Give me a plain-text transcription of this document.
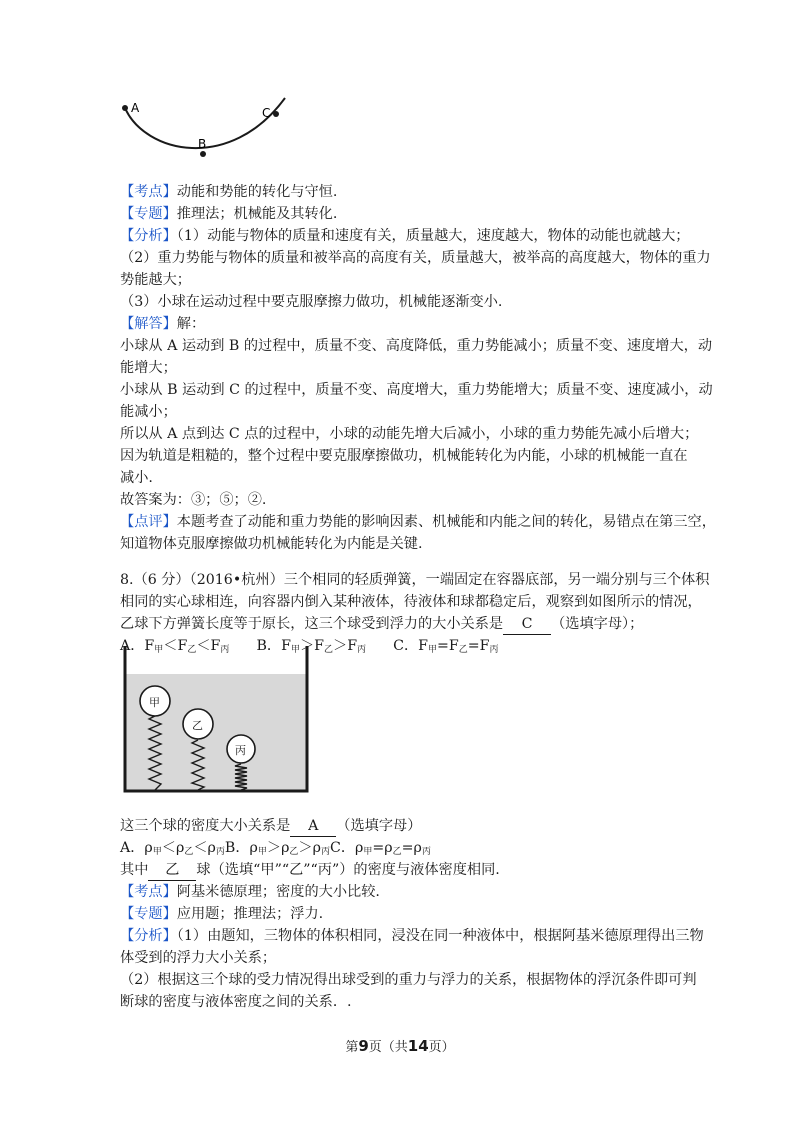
A
B
C
【考点】动能和势能的转化与守恒.
【专题】推理法；机械能及其转化.
【分析】（1）动能与物体的质量和速度有关，质量越大，速度越大，物体的动能也就越大；
（2）重力势能与物体的质量和被举高的高度有关，质量越大，被举高的高度越大，物体的重力
势能越大；
（3）小球在运动过程中要克服摩擦力做功，机械能逐渐变小.
【解答】解：
小球从 A 运动到 B 的过程中，质量不变、高度降低，重力势能减小；质量不变、速度增大，动
能增大；
小球从 B 运动到 C 的过程中，质量不变、高度增大，重力势能增大；质量不变、速度减小，动
能减小；
所以从 A 点到达 C 点的过程中，小球的动能先增大后减小，小球的重力势能先减小后增大；
因为轨道是粗糙的，整个过程中要克服摩擦做功，机械能转化为内能，小球的机械能一直在
减小.
故答案为：③；⑤；②.
【点评】本题考查了动能和重力势能的影响因素、机械能和内能之间的转化，易错点在第三空，
知道物体克服摩擦做功机械能转化为内能是关键.
8.（6 分）（2016•杭州）三个相同的轻质弹簧，一端固定在容器底部，另一端分别与三个体积
相同的实心球相连，向容器内倒入某种液体，待液体和球都稳定后，观察到如图所示的情况，
乙球下方弹簧长度等于原长，这三个球受到浮力的大小关系是 C （选填字母）；
A．$F_甲<F_乙<F_丙$ B．$F_甲>F_乙>F_丙$ C．$F_甲=F_乙=F_丙$
甲
乙
丙
这三个球的密度大小关系是 A （选填字母）
A．$\rho_甲<\rho_乙<\rho_丙B$．$\rho_甲>\rho_乙>\rho_丙C$．$\rho_甲=\rho_乙=\rho_丙$
其中 乙 球（选填“甲”“乙”“丙”）的密度与液体密度相同.
【考点】阿基米德原理；密度的大小比较.
【专题】应用题；推理法；浮力.
【分析】（1）由题知，三物体的体积相同，浸没在同一种液体中，根据阿基米德原理得出三物
体受到的浮力大小关系；
（2）根据这三个球的受力情况得出球受到的重力与浮力的关系，根据物体的浮沉条件即可判
断球的密度与液体密度之间的关系．.
第9页（共14页）
